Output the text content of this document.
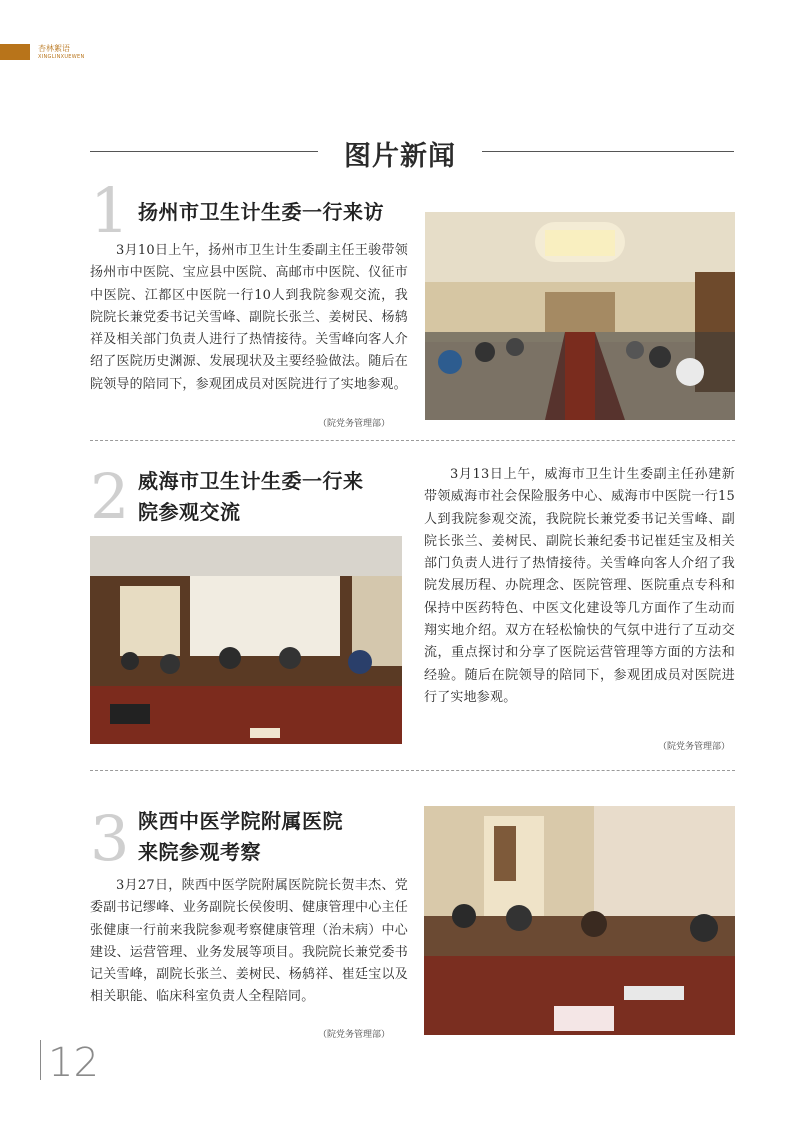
杏林絮语
XINGLINXUEWEN
图片新闻
1 扬州市卫生计生委一行来访

3月10日上午，扬州市卫生计生委副主任王骏带领扬州市中医院、宝应县中医院、高邮市中医院、仪征市中医院、江都区中医院一行10人到我院参观交流，我院院长兼党委书记关雪峰、副院长张兰、姜树民、杨鸫祥及相关部门负责人进行了热情接待。关雪峰向客人介绍了医院历史渊源、发展现状及主要经验做法。随后在院领导的陪同下，参观团成员对医院进行了实地参观。

（院党务管理部）
2 威海市卫生计生委一行来
院参观交流

3月13日上午，威海市卫生计生委副主任孙建新带领威海市社会保险服务中心、威海市中医院一行15人到我院参观交流，我院院长兼党委书记关雪峰、副院长张兰、姜树民、副院长兼纪委书记崔廷宝及相关部门负责人进行了热情接待。关雪峰向客人介绍了我院发展历程、办院理念、医院管理、医院重点专科和保持中医药特色、中医文化建设等几方面作了生动而翔实地介绍。双方在轻松愉快的气氛中进行了互动交流，重点探讨和分享了医院运营管理等方面的方法和经验。随后在院领导的陪同下，参观团成员对医院进行了实地参观。

（院党务管理部）
3 陕西中医学院附属医院
来院参观考察

3月27日，陕西中医学院附属医院院长贺丰杰、党委副书记缪峰、业务副院长侯俊明、健康管理中心主任张健康一行前来我院参观考察健康管理（治未病）中心建设、运营管理、业务发展等项目。我院院长兼党委书记关雪峰，副院长张兰、姜树民、杨鸫祥、崔廷宝以及相关职能、临床科室负责人全程陪同。

（院党务管理部）
12
